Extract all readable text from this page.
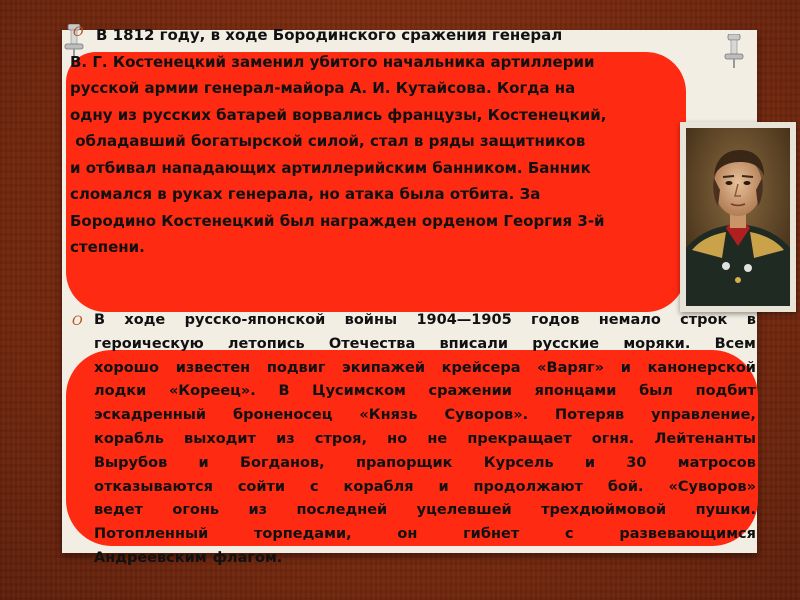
O
O
В 1812 году, в ходе Бородинского сражения генерал
В. Г. Костенецкий заменил убитого начальника артиллерии
русской армии генерал-майора А. И. Кутайсова. Когда на
одну из русских батарей ворвались французы, Костенецкий,
обладавший богатырской силой, стал в ряды защитников
и отбивал нападающих артиллерийским банником. Банник
сломался в руках генерала, но атака была отбита. За
Бородино Костенецкий был награжден орденом Георгия 3-й
степени.
В ходе русско-японской войны 1904—1905 годов немало строк в
героическую летопись Отечества вписали русские моряки. Всем
хорошо известен подвиг экипажей крейсера «Варяг» и канонерской
лодки «Кореец». В Цусимском сражении японцами был подбит
эскадренный броненосец «Князь Суворов». Потеряв управление,
корабль выходит из строя, но не прекращает огня. Лейтенанты
Вырубов и Богданов, прапорщик Курсель и 30 матросов
отказываются сойти с корабля и продолжают бой. «Суворов»
ведет огонь из последней уцелевшей трехдюймовой пушки.
Потопленный	торпедами,	он	гибнет	с	развевающимся
Андреевским флагом.
